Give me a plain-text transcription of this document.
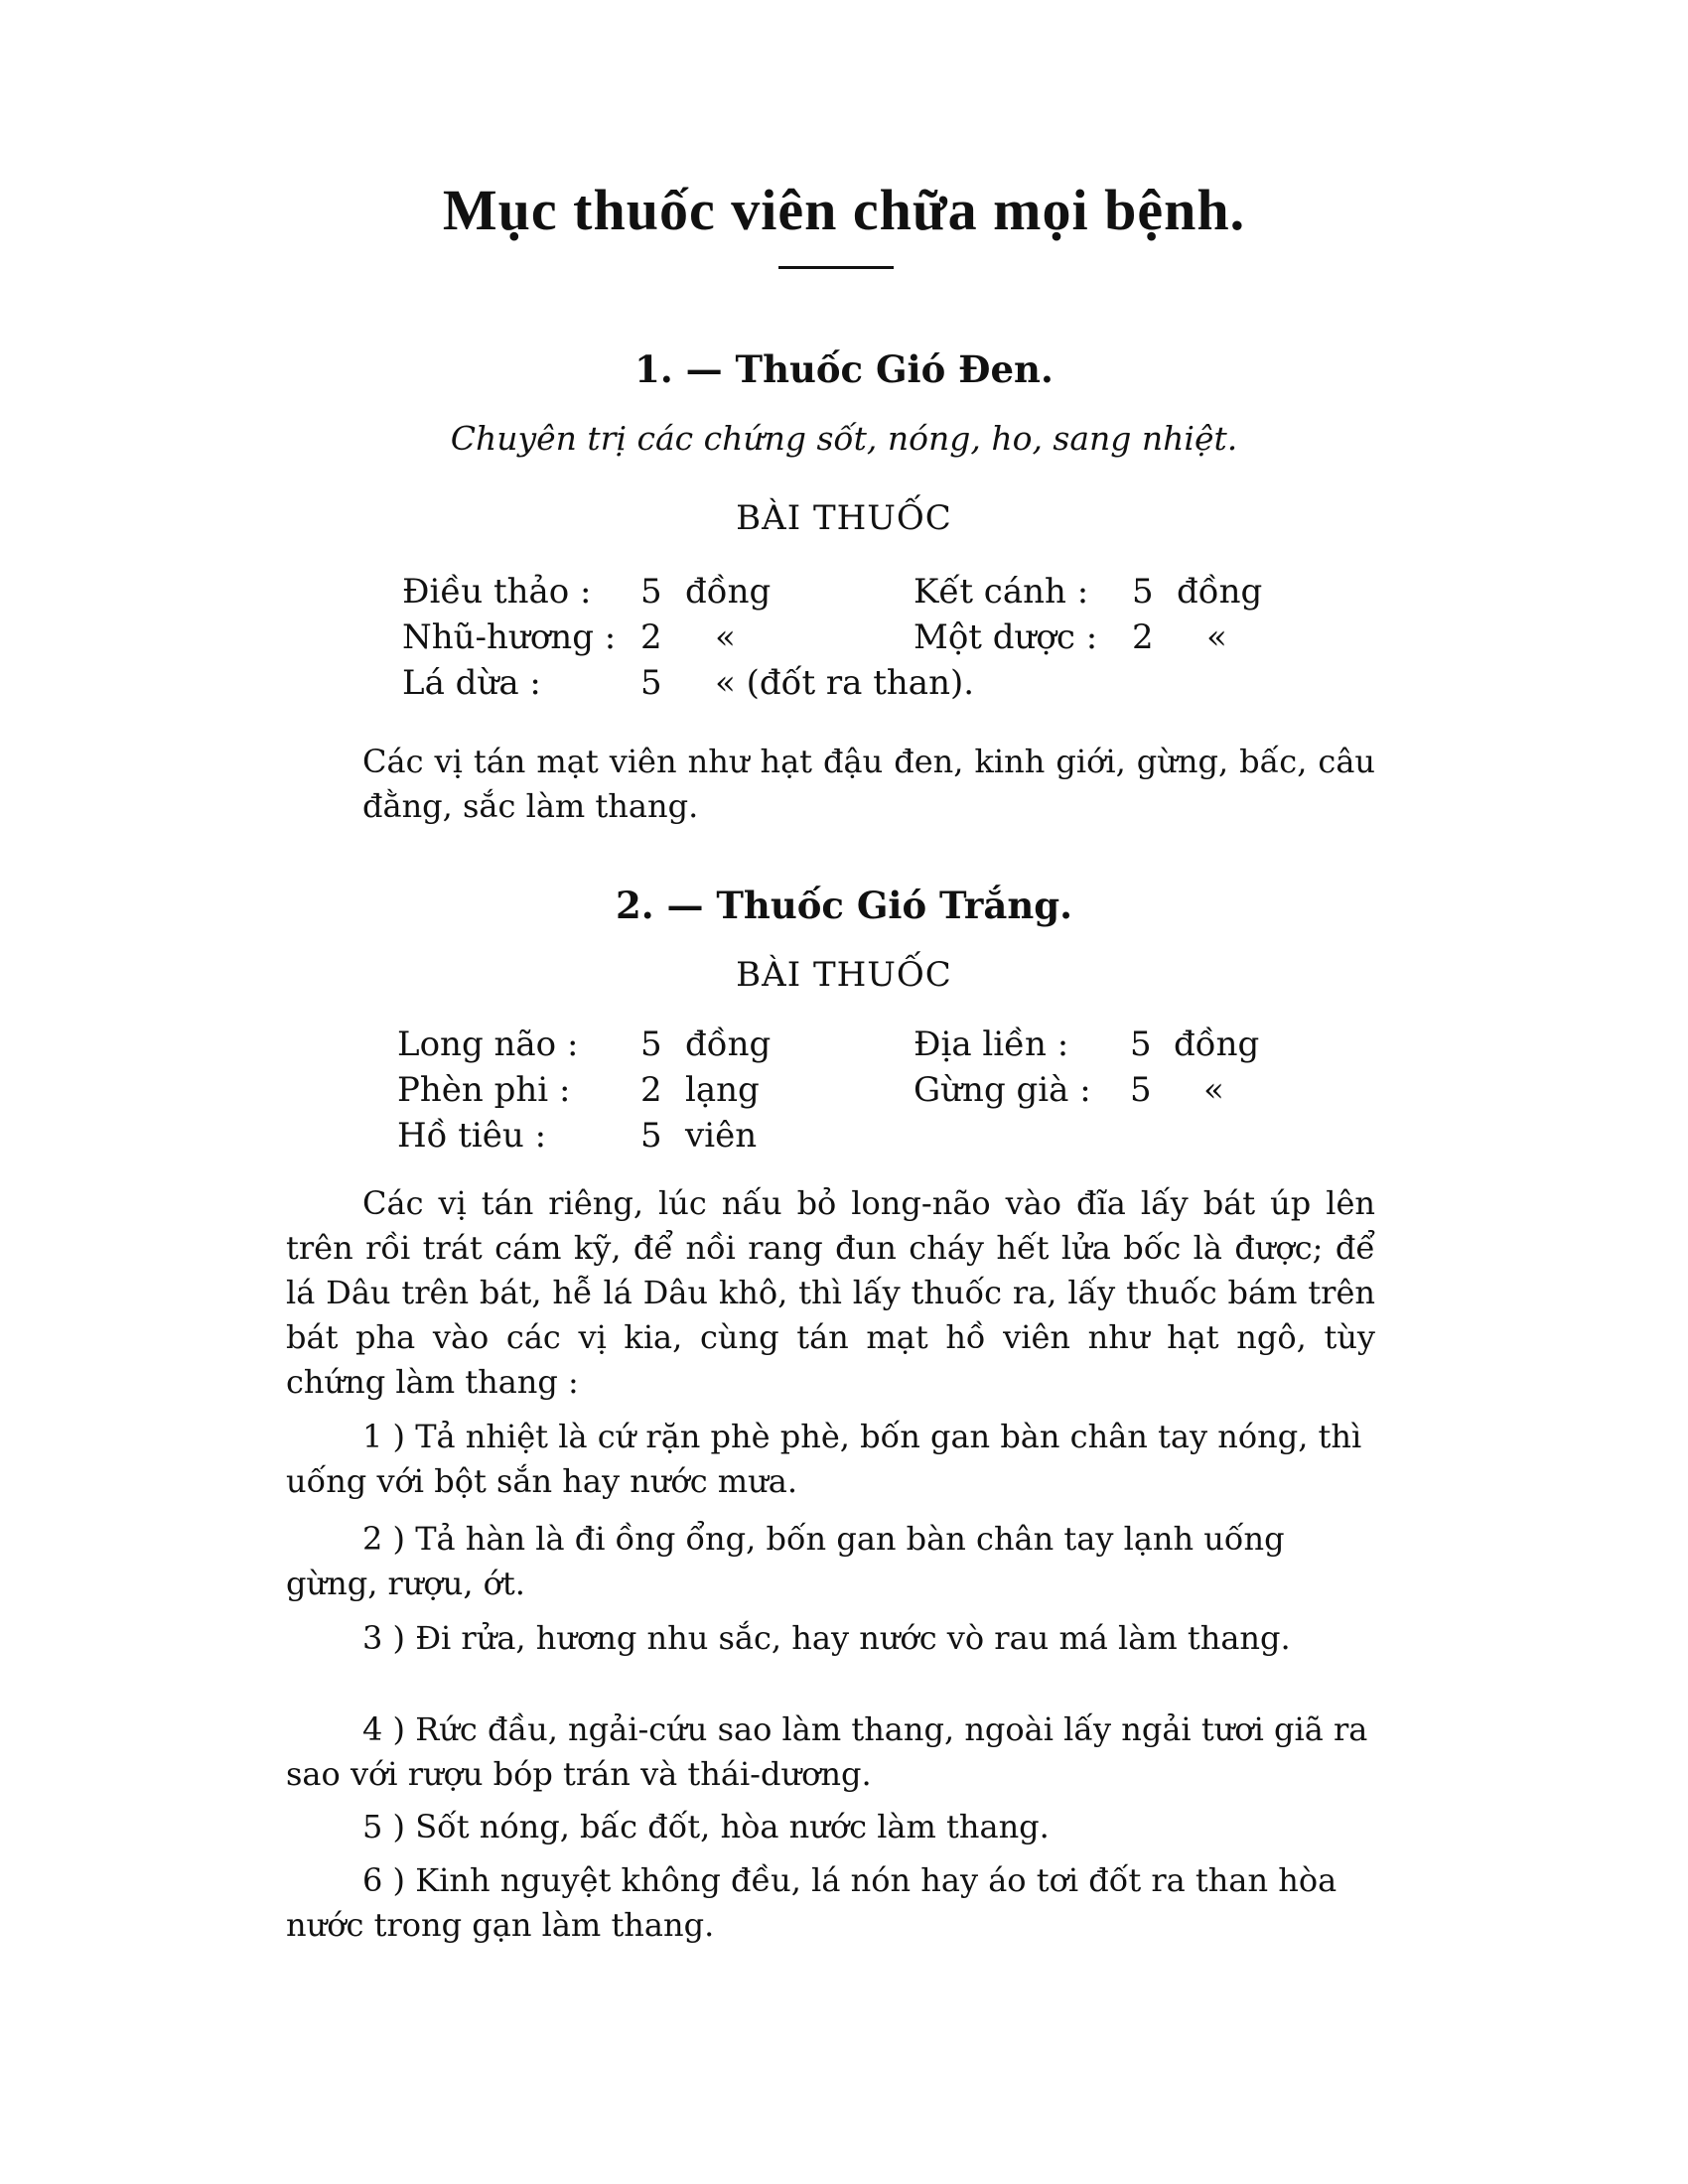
Mục thuốc viên chữa mọi bệnh.
1. — Thuốc Gió Đen.
Chuyên trị các chứng sốt, nóng, ho, sang nhiệt.
BÀI THUỐC
Điều thảo : 5 đồng	Kết cánh : 5 đồng
Nhũ-hương : 2 «	Một dược : 2 «
Lá dừa :	5 « (đốt ra than).
Các vị tán mạt viên như hạt đậu đen, kinh giới, gừng, bấc, câu đằng, sắc làm thang.
2. — Thuốc Gió Trắng.
BÀI THUỐC
Long não : 5 đồng	Địa liền : 5 đồng
Phèn phi : 2 lạng	Gừng già : 5 «
Hồ tiêu :	5 viên
Các vị tán riêng, lúc nấu bỏ long-não vào đĩa lấy bát úp lên trên rồi trát cám kỹ, để nồi rang đun cháy hết lửa bốc là được; để lá Dâu trên bát, hễ lá Dâu khô, thì lấy thuốc ra, lấy thuốc bám trên bát pha vào các vị kia, cùng tán mạt hồ viên như hạt ngô, tùy chứng làm thang :
1 ) Tả nhiệt là cứ rặn phè phè, bốn gan bàn chân tay nóng, thì uống với bột sắn hay nước mưa.
2 ) Tả hàn là đi ồng ổng, bốn gan bàn chân tay lạnh uống gừng, rượu, ớt.
3 ) Đi rửa, hương nhu sắc, hay nước vò rau má làm thang.
4 ) Rức đầu, ngải-cứu sao làm thang, ngoài lấy ngải tươi giã ra sao với rượu bóp trán và thái-dương.
5 ) Sốt nóng, bấc đốt, hòa nước làm thang.
6 ) Kinh nguyệt không đều, lá nón hay áo tơi đốt ra than hòa nước trong gạn làm thang.
